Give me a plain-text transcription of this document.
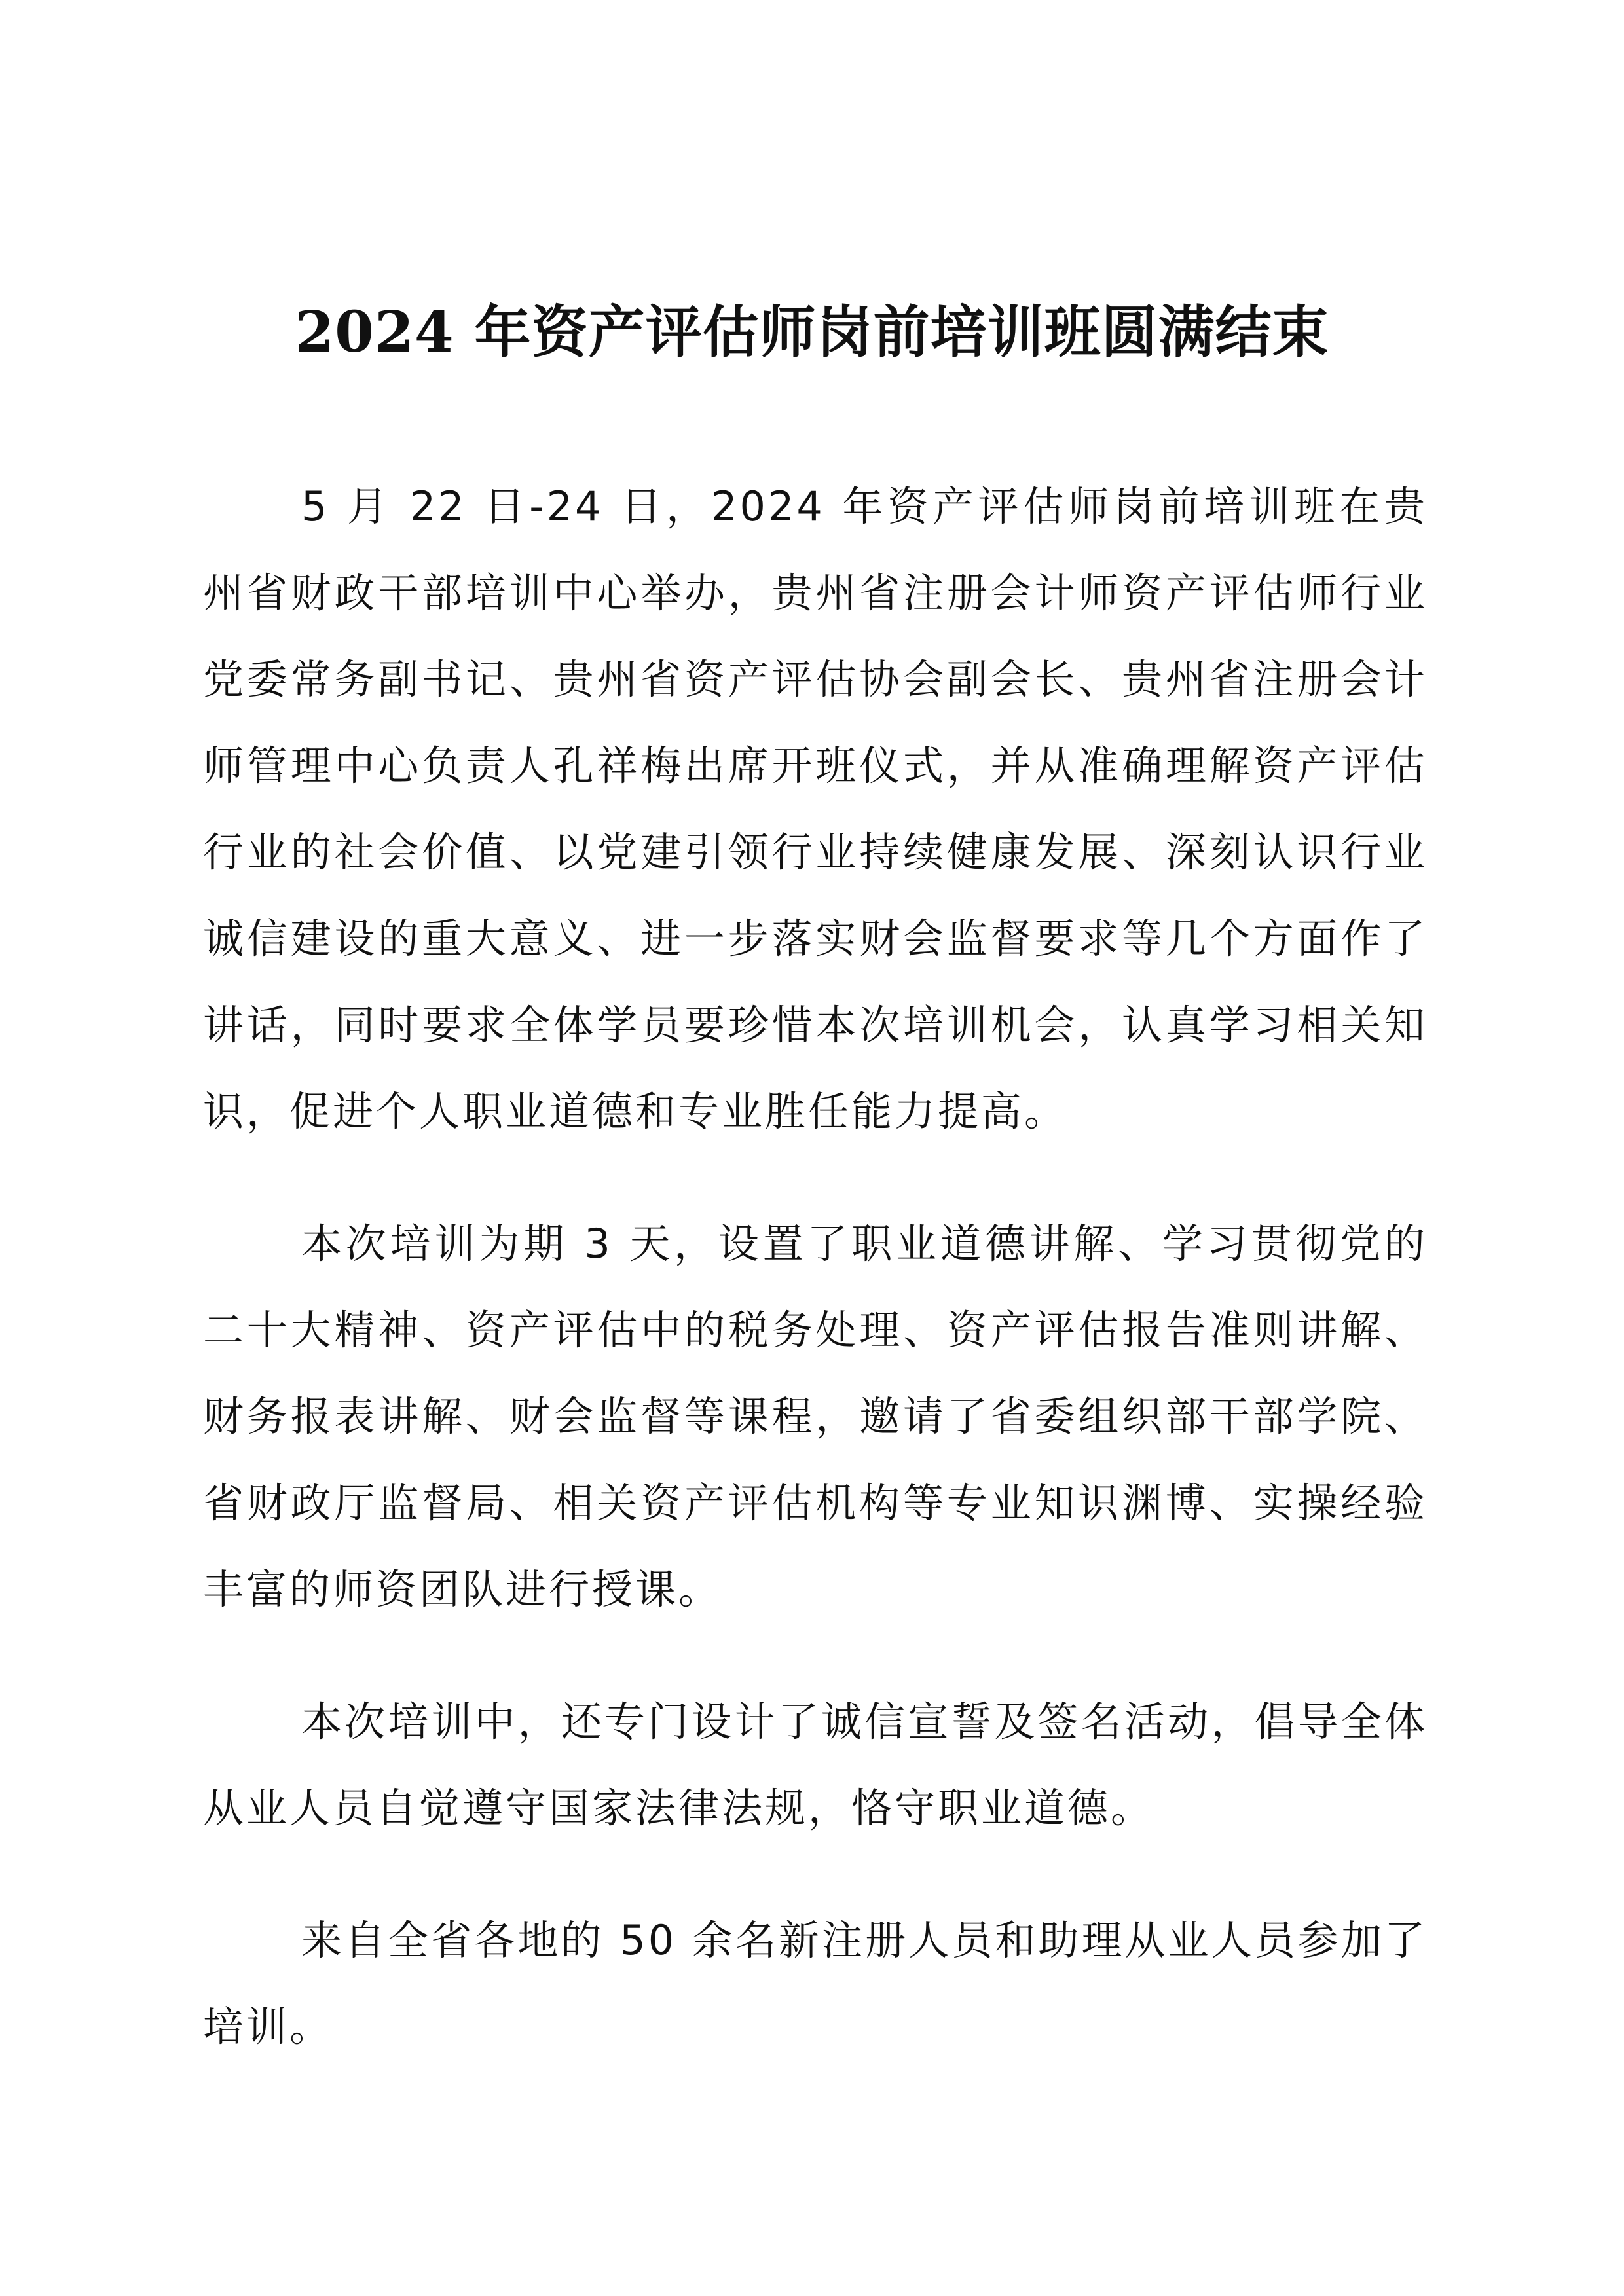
2024 年资产评估师岗前培训班圆满结束

5 月 22 日-24 日，2024 年资产评估师岗前培训班在贵州省财政干部培训中心举办，贵州省注册会计师资产评估师行业党委常务副书记、贵州省资产评估协会副会长、贵州省注册会计师管理中心负责人孔祥梅出席开班仪式，并从准确理解资产评估行业的社会价值、以党建引领行业持续健康发展、深刻认识行业诚信建设的重大意义、进一步落实财会监督要求等几个方面作了讲话，同时要求全体学员要珍惜本次培训机会，认真学习相关知识，促进个人职业道德和专业胜任能力提高。

本次培训为期 3 天，设置了职业道德讲解、学习贯彻党的二十大精神、资产评估中的税务处理、资产评估报告准则讲解、财务报表讲解、财会监督等课程，邀请了省委组织部干部学院、省财政厅监督局、相关资产评估机构等专业知识渊博、实操经验丰富的师资团队进行授课。

本次培训中，还专门设计了诚信宣誓及签名活动，倡导全体从业人员自觉遵守国家法律法规，恪守职业道德。

来自全省各地的 50 余名新注册人员和助理从业人员参加了培训。
